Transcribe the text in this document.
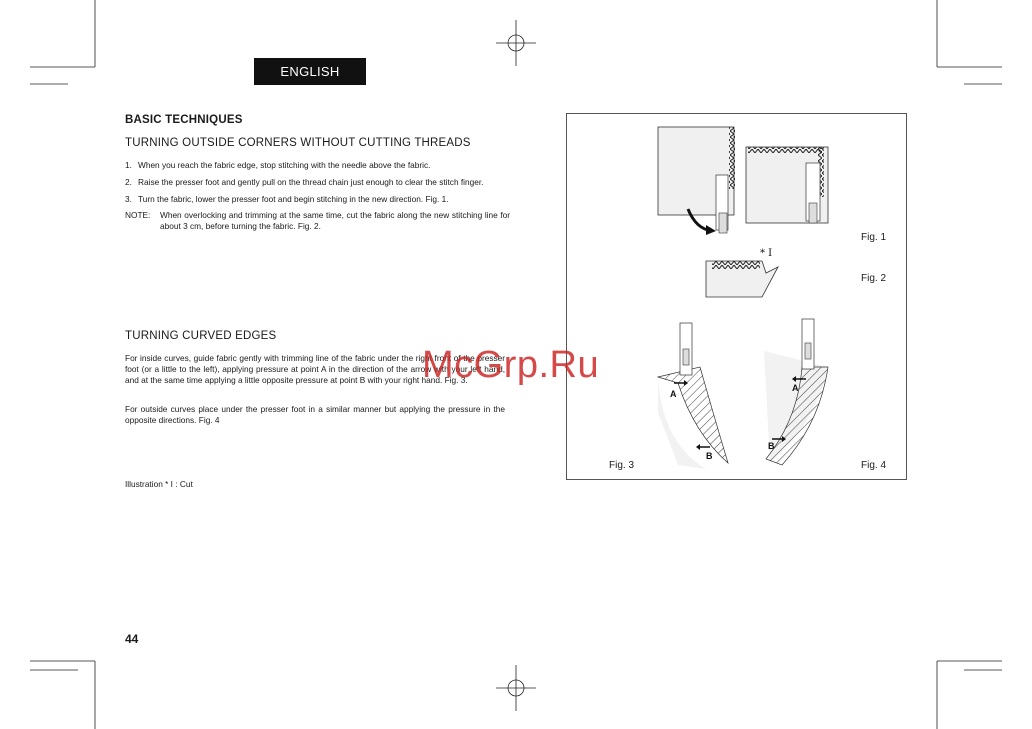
ENGLISH
BASIC TECHNIQUES
TURNING OUTSIDE CORNERS WITHOUT CUTTING THREADS
1. When you reach the fabric edge, stop stitching with the needle above the fabric.
2. Raise the presser foot and gently pull on the thread chain just enough to clear the stitch finger.
3. Turn the fabric, lower the presser foot and begin stitching in the new direction. Fig. 1.
NOTE:	When overlocking and trimming at the same time, cut the fabric along the new stitching line for about 3 cm, before turning the fabric. Fig. 2.
TURNING CURVED EDGES
For inside curves, guide fabric gently with trimming line of the fabric under the right front of the presser foot (or a little to the left), applying pressure at point A in the direction of the arrow with your left hand, and at the same time applying a little opposite pressure at point B with your right hand. Fig. 3.
For outside curves place under the presser foot in a similar manner but applying the pressure in the opposite directions. Fig. 4
Illustration * I : Cut
44
* I
A
B
A
B
Fig. 1
Fig. 2
Fig. 3	Fig. 4
McGrp.Ru
